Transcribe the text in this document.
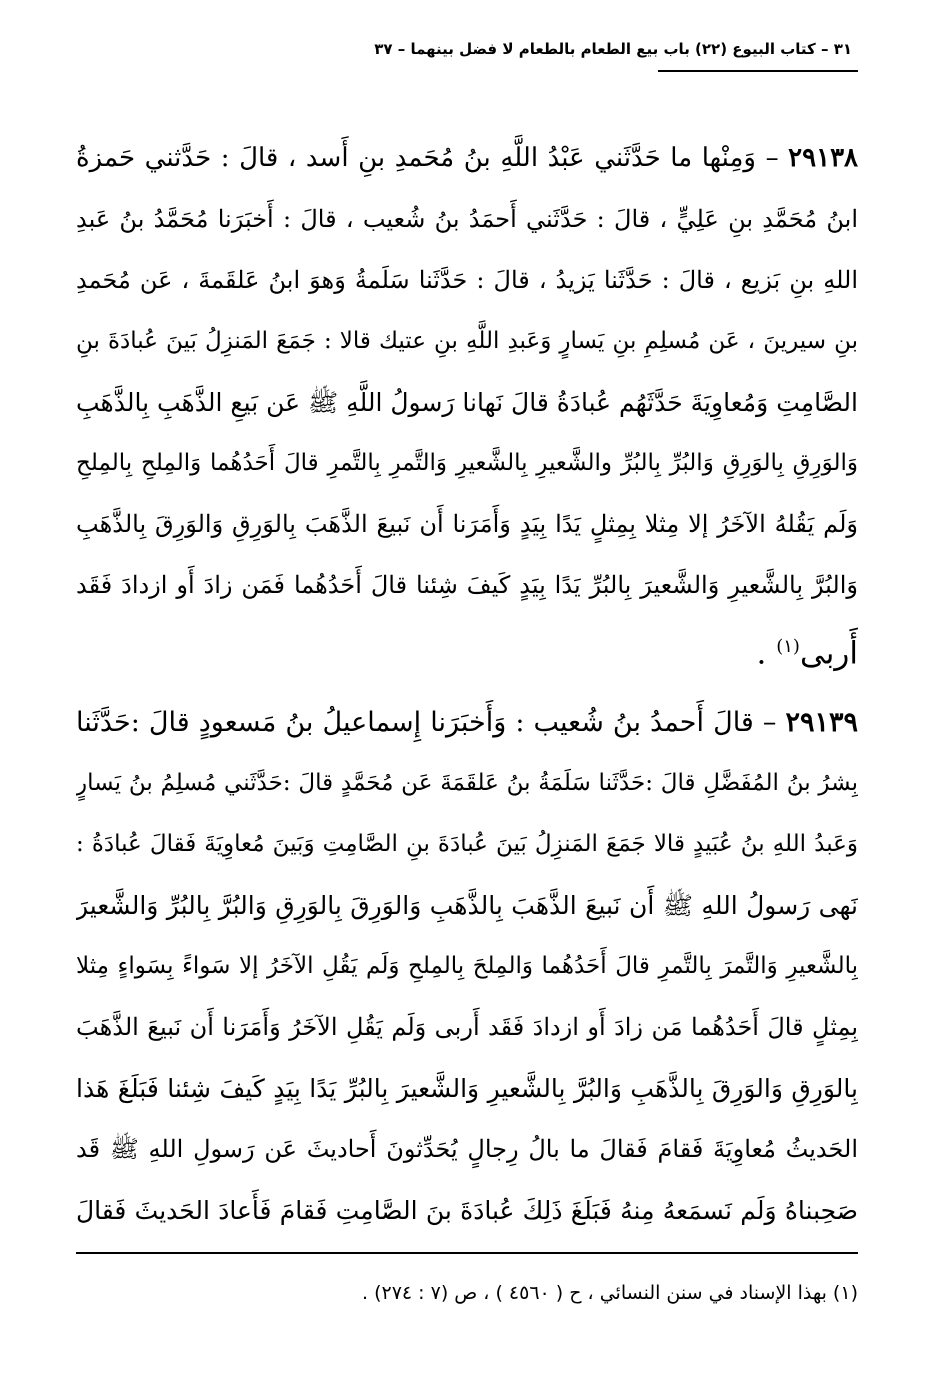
٣١ – كتاب البيوع (٢٢) باب بيع الطعام بالطعام لا فضل بينهما – ٣٧
٢٩١٣٨ – وَمِنْها ما حَدَّثَني عَبْدُ اللَّهِ بنُ مُحَمدِ بنِ أَسد ، قالَ : حَدَّثني حَمزةُ
ابنُ مُحَمَّدِ بنِ عَلِيٍّ ، قالَ : حَدَّثَني أَحمَدُ بنُ شُعيب ، قالَ : أَخبَرَنا مُحَمَّدُ بنُ عَبدِ
اللهِ بنِ بَزيع ، قالَ : حَدَّثَنا يَزيدُ ، قالَ : حَدَّثَنا سَلَمةُ وَهوَ ابنُ عَلقَمةَ ، عَن مُحَمدِ
بنِ سيرينَ ، عَن مُسلِمِ بنِ يَسارٍ وَعَبدِ اللَّهِ بنِ عتيك قالا : جَمَعَ المَنزِلُ بَينَ عُبادَةَ بنِ
الصَّامِتِ وَمُعاوِيَةَ حَدَّثَهُم عُبادَةُ قالَ نَهانا رَسولُ اللَّهِ ﷺ عَن بَيعِ الذَّهَبِ بِالذَّهَبِ
وَالوَرِقِ بِالوَرِقِ وَالبُرِّ بِالبُرِّ والشَّعيرِ بِالشَّعيرِ وَالتَّمرِ بِالتَّمرِ قالَ أَحَدُهُما وَالمِلحِ بِالمِلحِ
وَلَم يَقُلهُ الآخَرُ إلا مِثلا بِمِثلٍ يَدًا بِيَدٍ وَأَمَرَنا أَن نَبيعَ الذَّهَبَ بِالوَرِقِ وَالوَرِقَ بِالذَّهَبِ
وَالبُرَّ بِالشَّعيرِ وَالشَّعيرَ بِالبُرِّ يَدًا بِيَدٍ كَيفَ شِئنا قالَ أَحَدُهُما فَمَن زادَ أَو ازدادَ فَقَد
أَربى$^{(١)}$ .
٢٩١٣٩ – قالَ أَحمدُ بنُ شُعيب : وَأَخبَرَنا إِسماعيلُ بنُ مَسعودٍ قالَ :حَدَّثَنا
بِشرُ بنُ المُفَضَّلِ قالَ :حَدَّثَنا سَلَمَةُ بنُ عَلقَمَةَ عَن مُحَمَّدٍ قالَ :حَدَّثَني مُسلِمُ بنُ يَسارٍ
وَعَبدُ اللهِ بنُ عُبَيدٍ قالا جَمَعَ المَنزِلُ بَينَ عُبادَةَ بنِ الصَّامِتِ وَبَينَ مُعاوِيَةَ فَقالَ عُبادَةُ :
نَهى رَسولُ اللهِ ﷺ أَن نَبيعَ الذَّهَبَ بِالذَّهَبِ وَالوَرِقَ بِالوَرِقِ وَالبُرَّ بِالبُرِّ وَالشَّعيرَ
بِالشَّعيرِ وَالتَّمرَ بِالتَّمرِ قالَ أَحَدُهُما وَالمِلحَ بِالمِلحِ وَلَم يَقُلِ الآخَرُ إلا سَواءً بِسَواءٍ مِثلا
بِمِثلٍ قالَ أَحَدُهُما مَن زادَ أَو ازدادَ فَقَد أَربى وَلَم يَقُلِ الآخَرُ وَأَمَرَنا أَن نَبيعَ الذَّهَبَ
بِالوَرِقِ وَالوَرِقَ بِالذَّهَبِ وَالبُرَّ بِالشَّعيرِ وَالشَّعيرَ بِالبُرِّ يَدًا بِيَدٍ كَيفَ شِئنا فَبَلَغَ هَذا
الحَديثُ مُعاوِيَةَ فَقامَ فَقالَ ما بالُ رِجالٍ يُحَدِّثونَ أَحاديثَ عَن رَسولِ اللهِ ﷺ قَد
صَحِبناهُ وَلَم نَسمَعهُ مِنهُ فَبَلَغَ ذَلِكَ عُبادَةَ بنَ الصَّامِتِ فَقامَ فَأَعادَ الحَديثَ فَقالَ
(١) بهذا الإسناد في سنن النسائي ، ح ( ٤٥٦٠ ) ، ص (٧ : ٢٧٤) .
